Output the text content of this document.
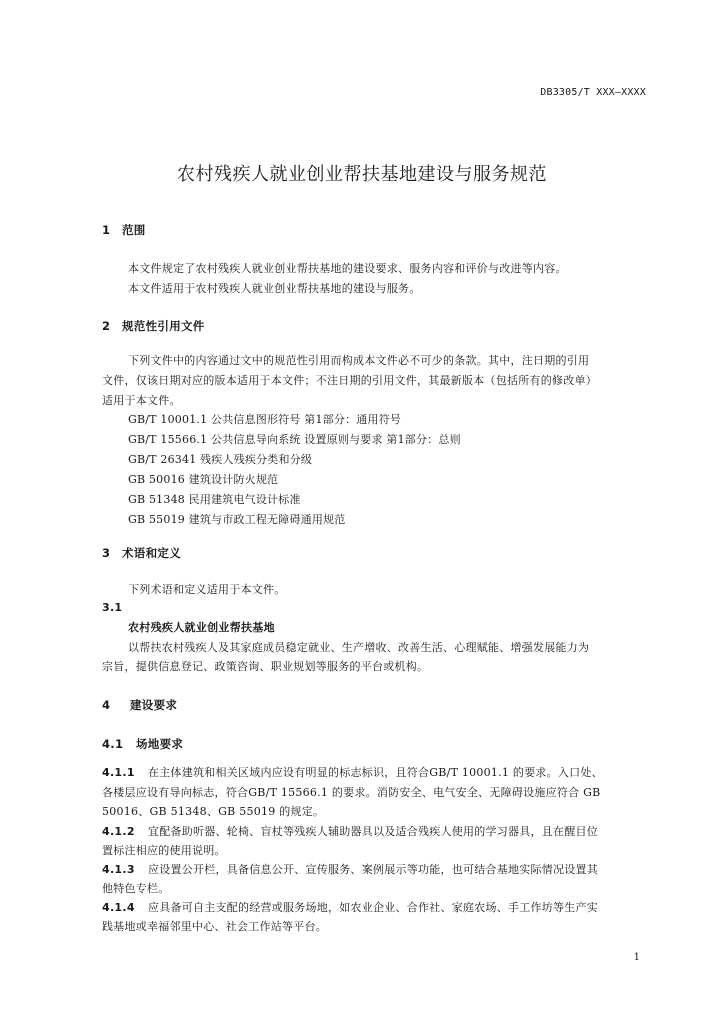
DB3305/T XXX—XXXX
农村残疾人就业创业帮扶基地建设与服务规范
1 范围
本文件规定了农村残疾人就业创业帮扶基地的建设要求、服务内容和评价与改进等内容。
本文件适用于农村残疾人就业创业帮扶基地的建设与服务。
2 规范性引用文件
下列文件中的内容通过文中的规范性引用而构成本文件必不可少的条款。其中，注日期的引用
文件，仅该日期对应的版本适用于本文件；不注日期的引用文件，其最新版本（包括所有的修改单）
适用于本文件。
GB/T 10001.1 公共信息图形符号 第1部分：通用符号
GB/T 15566.1 公共信息导向系统 设置原则与要求 第1部分：总则
GB/T 26341 残疾人残疾分类和分级
GB 50016 建筑设计防火规范
GB 51348 民用建筑电气设计标准
GB 55019 建筑与市政工程无障碍通用规范
3 术语和定义
下列术语和定义适用于本文件。
3.1
农村残疾人就业创业帮扶基地
以帮扶农村残疾人及其家庭成员稳定就业、生产增收、改善生活、心理赋能、增强发展能力为
宗旨，提供信息登记、政策咨询、职业规划等服务的平台或机构。
4 建设要求
4.1 场地要求
4.1.1 在主体建筑和相关区域内应设有明显的标志标识，且符合GB/T 10001.1 的要求。入口处、
各楼层应设有导向标志，符合GB/T 15566.1 的要求。消防安全、电气安全、无障碍设施应符合 GB
50016、GB 51348、GB 55019 的规定。
4.1.2 宜配备助听器、轮椅、盲杖等残疾人辅助器具以及适合残疾人使用的学习器具，且在醒目位
置标注相应的使用说明。
4.1.3 应设置公开栏，具备信息公开、宣传服务、案例展示等功能，也可结合基地实际情况设置其
他特色专栏。
4.1.4 应具备可自主支配的经营或服务场地，如农业企业、合作社、家庭农场、手工作坊等生产实
践基地或幸福邻里中心、社会工作站等平台。
1
